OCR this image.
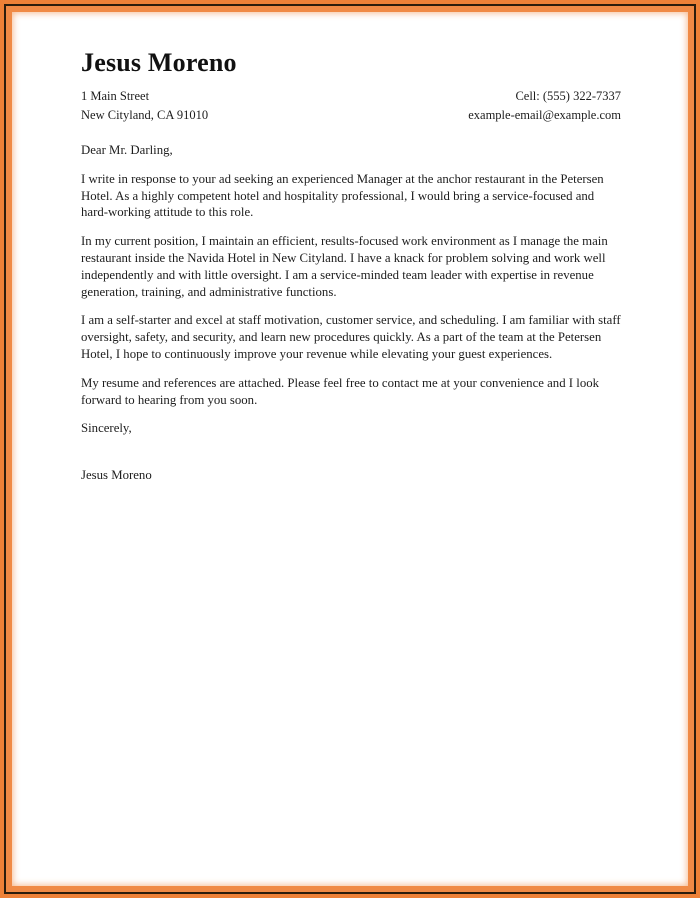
Jesus Moreno
1 Main Street
New Cityland, CA 91010
Cell: (555) 322-7337
example-email@example.com

Dear Mr. Darling,

I write in response to your ad seeking an experienced Manager at the anchor restaurant in the Petersen Hotel. As a highly competent hotel and hospitality professional, I would bring a service-focused and hard-working attitude to this role.

In my current position, I maintain an efficient, results-focused work environment as I manage the main restaurant inside the Navida Hotel in New Cityland. I have a knack for problem solving and work well independently and with little oversight. I am a service-minded team leader with expertise in revenue generation, training, and administrative functions.

I am a self-starter and excel at staff motivation, customer service, and scheduling. I am familiar with staff oversight, safety, and security, and learn new procedures quickly. As a part of the team at the Petersen Hotel, I hope to continuously improve your revenue while elevating your guest experiences.

My resume and references are attached. Please feel free to contact me at your convenience and I look forward to hearing from you soon.

Sincerely,

Jesus Moreno
